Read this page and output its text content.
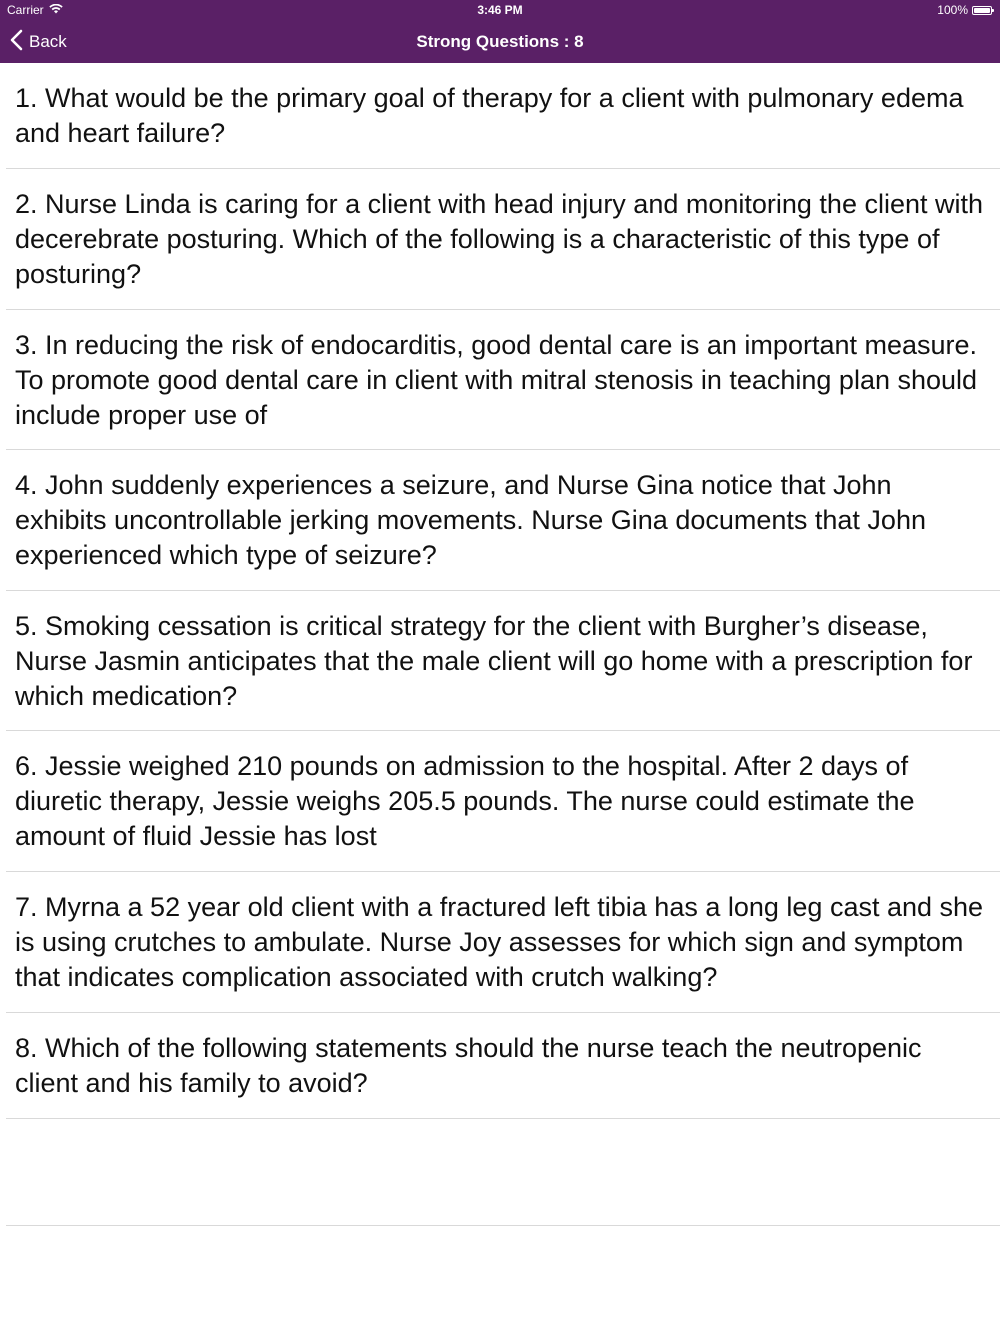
Carrier	3:46 PM	100%
Back	Strong Questions : 8
1. What would be the primary goal of therapy for a client with pulmonary edema and heart failure?
2. Nurse Linda is caring for a client with head injury and monitoring the client with decerebrate posturing. Which of the following is a characteristic of this type of posturing?
3. In reducing the risk of endocarditis, good dental care is an important measure. To promote good dental care in client with mitral stenosis in teaching plan should include proper use of
4. John suddenly experiences a seizure, and Nurse Gina notice that John exhibits uncontrollable jerking movements. Nurse Gina documents that John experienced which type of seizure?
5. Smoking cessation is critical strategy for the client with Burgher’s disease, Nurse Jasmin anticipates that the male client will go home with a prescription for which medication?
6. Jessie weighed 210 pounds on admission to the hospital. After 2 days of diuretic therapy, Jessie weighs 205.5 pounds. The nurse could estimate the amount of fluid Jessie has lost
7. Myrna a 52 year old client with a fractured left tibia has a long leg cast and she is using crutches to ambulate. Nurse Joy assesses for which sign and symptom that indicates complication associated with crutch walking?
8. Which of the following statements should the nurse teach the neutropenic client and his family to avoid?
